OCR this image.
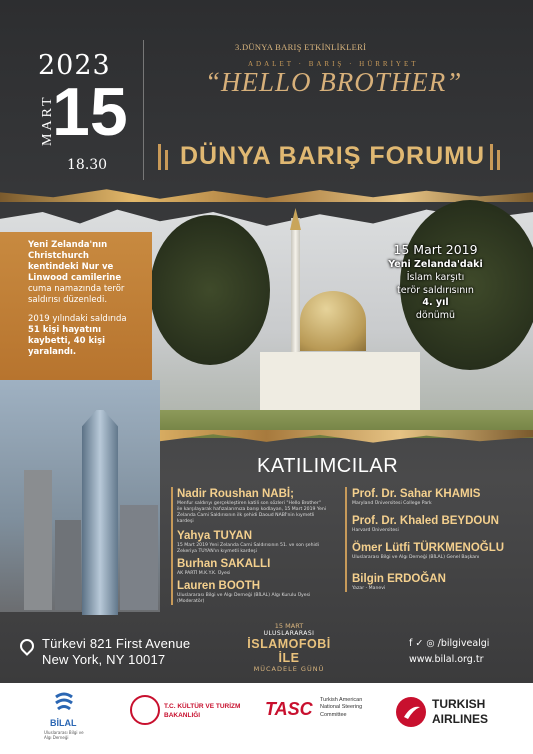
2023
MART
15
18.30
3.DÜNYA BARIŞ ETKİNLİKLERİ
ADALET · BARIŞ · HÜRRİYET
“HELLO BROTHER”
DÜNYA BARIŞ FORUMU
15 Mart 2019
Yeni Zelanda'daki
İslam karşıtı
terör saldırısının
4. yıl
dönümü

Yeni Zelanda'nın Christchurch kentindeki Nur ve Linwood camilerine

cuma namazında terör saldırısı düzenledi.

2019 yılındaki saldırıda

51 kişi hayatını kaybetti, 40 kişi yaralandı.

KATILIMCILAR
Nadir Roushan NABİ;
Menfur saldırıyı gerçekleştiren katili son sözleri "Hello Brother" ile karşılayarak hafızalarımıza barışı kodlayan, 15 Mart 2019 Yeni Zelanda Cami Saldırısının ilk şehidi Daoud NABİ'nin kıymetli kardeşi
Yahya TUYAN
15 Mart 2019 Yeni Zelanda Cami Saldırısının 51. ve son şehidi Zekeriya TUYAN'ın kıymetli kardeşi
Burhan SAKALLI
AK PARTİ M.K.Y.K. Üyesi
Lauren BOOTH
Uluslararası Bilgi ve Algı Derneği (BİLAL) Algı Kurulu Üyesi (Moderatör)
Prof. Dr. Sahar KHAMIS
Maryland Üniversitesi College Park
Prof. Dr. Khaled BEYDOUN
Harvard Üniversitesi
Ömer Lütfi TÜRKMENOĞLU
Uluslararası Bilgi ve Algı Derneği (BİLAL) Genel Başkanı
Bilgin ERDOĞAN
Yazar - Manevi
Türkevi 821 First Avenue
New York, NY 10017
15 MART
ULUSLARARASI
İSLAMOFOBİ İLE
MÜCADELE GÜNÜ
f ✓ ◎ /bilgivealgi
www.bilal.org.tr
BİLAL
Uluslararası Bilgi ve Algı Derneği
T.C. KÜLTÜR VE TURİZM
BAKANLIĞI	TASC Turkish American
National Steering
Committee
TURKISH
AIRLINES
